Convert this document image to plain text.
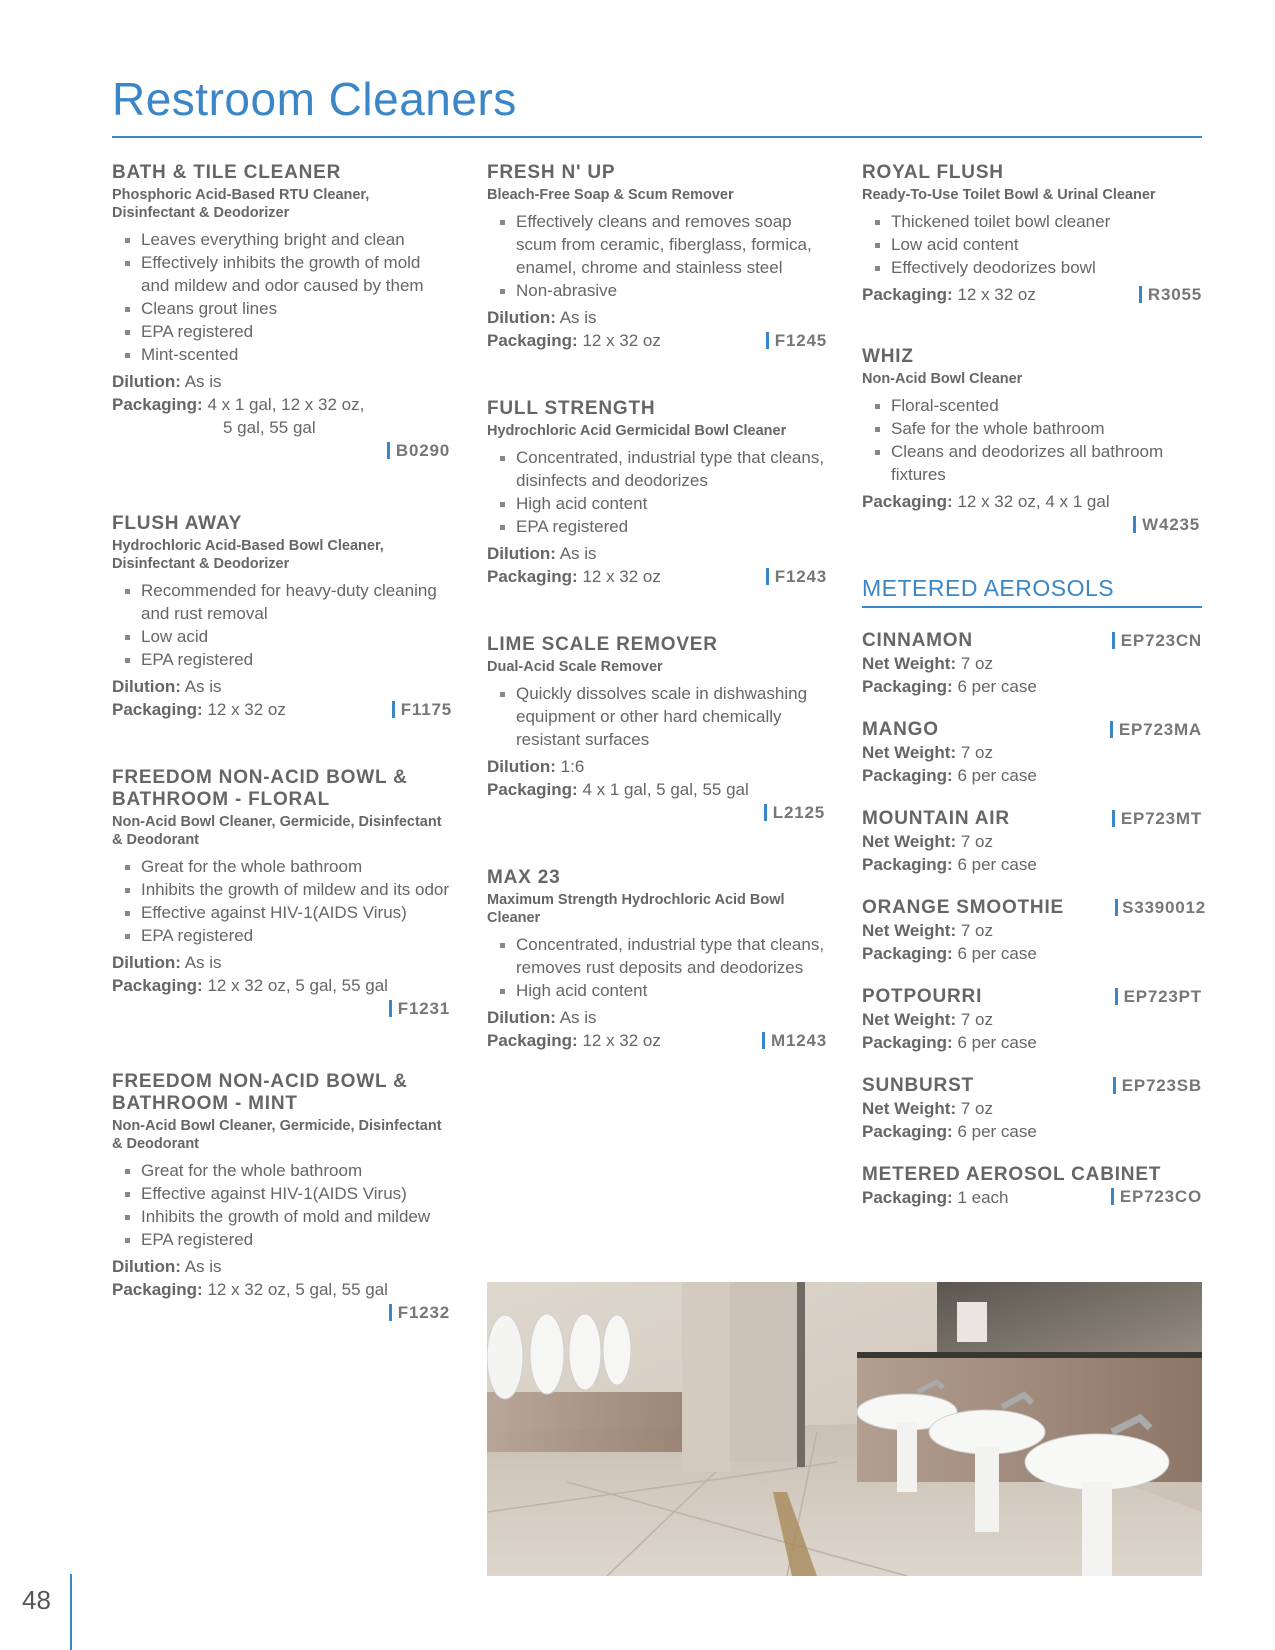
Restroom Cleaners
BATH & TILE CLEANER
Phosphoric Acid-Based RTU Cleaner, Disinfectant & Deodorizer
Leaves everything bright and clean
Effectively inhibits the growth of mold and mildew and odor caused by them
Cleans grout lines
EPA registered
Mint-scented
Dilution: As is
Packaging: 4 x 1 gal, 12 x 32 oz,
5 gal, 55 gal
B0290
FLUSH AWAY
Hydrochloric Acid-Based Bowl Cleaner, Disinfectant & Deodorizer
Recommended for heavy-duty cleaning and rust removal
Low acid
EPA registered
Dilution: As is
Packaging: 12 x 32 oz	F1175
FREEDOM NON-ACID BOWL & BATHROOM - FLORAL
Non-Acid Bowl Cleaner, Germicide, Disinfectant & Deodorant
Great for the whole bathroom
Inhibits the growth of mildew and its odor
Effective against HIV-1(AIDS Virus)
EPA registered
Dilution: As is
Packaging: 12 x 32 oz, 5 gal, 55 gal
F1231
FREEDOM NON-ACID BOWL & BATHROOM - MINT
Non-Acid Bowl Cleaner, Germicide, Disinfectant & Deodorant
Great for the whole bathroom
Effective against HIV-1(AIDS Virus)
Inhibits the growth of mold and mildew
EPA registered
Dilution: As is
Packaging: 12 x 32 oz, 5 gal, 55 gal
F1232
FRESH N' UP
Bleach-Free Soap & Scum Remover
Effectively cleans and removes soap scum from ceramic, fiberglass, formica, enamel, chrome and stainless steel
Non-abrasive
Dilution: As is
Packaging: 12 x 32 oz	F1245
FULL STRENGTH
Hydrochloric Acid Germicidal Bowl Cleaner
Concentrated, industrial type that cleans, disinfects and deodorizes
High acid content
EPA registered
Dilution: As is
Packaging: 12 x 32 oz	F1243
LIME SCALE REMOVER
Dual-Acid Scale Remover
Quickly dissolves scale in dishwashing equipment or other hard chemically resistant surfaces
Dilution: 1:6
Packaging: 4 x 1 gal, 5 gal, 55 gal
L2125
MAX 23
Maximum Strength Hydrochloric Acid Bowl Cleaner
Concentrated, industrial type that cleans, removes rust deposits and deodorizes
High acid content
Dilution: As is
Packaging: 12 x 32 oz	M1243
ROYAL FLUSH
Ready-To-Use Toilet Bowl & Urinal Cleaner
Thickened toilet bowl cleaner
Low acid content
Effectively deodorizes bowl
Packaging: 12 x 32 oz	R3055
WHIZ
Non-Acid Bowl Cleaner
Floral-scented
Safe for the whole bathroom
Cleans and deodorizes all bathroom fixtures
Packaging: 12 x 32 oz, 4 x 1 gal
W4235
METERED AEROSOLS
CINNAMON	EP723CN
Net Weight: 7 oz
Packaging: 6 per case
MANGO	EP723MA
Net Weight: 7 oz
Packaging: 6 per case
MOUNTAIN AIR	EP723MT
Net Weight: 7 oz
Packaging: 6 per case
ORANGE SMOOTHIE	S3390012
Net Weight: 7 oz
Packaging: 6 per case
POTPOURRI	EP723PT
Net Weight: 7 oz
Packaging: 6 per case
SUNBURST	EP723SB
Net Weight: 7 oz
Packaging: 6 per case
METERED AEROSOL CABINET
Packaging: 1 each	EP723CO
48
